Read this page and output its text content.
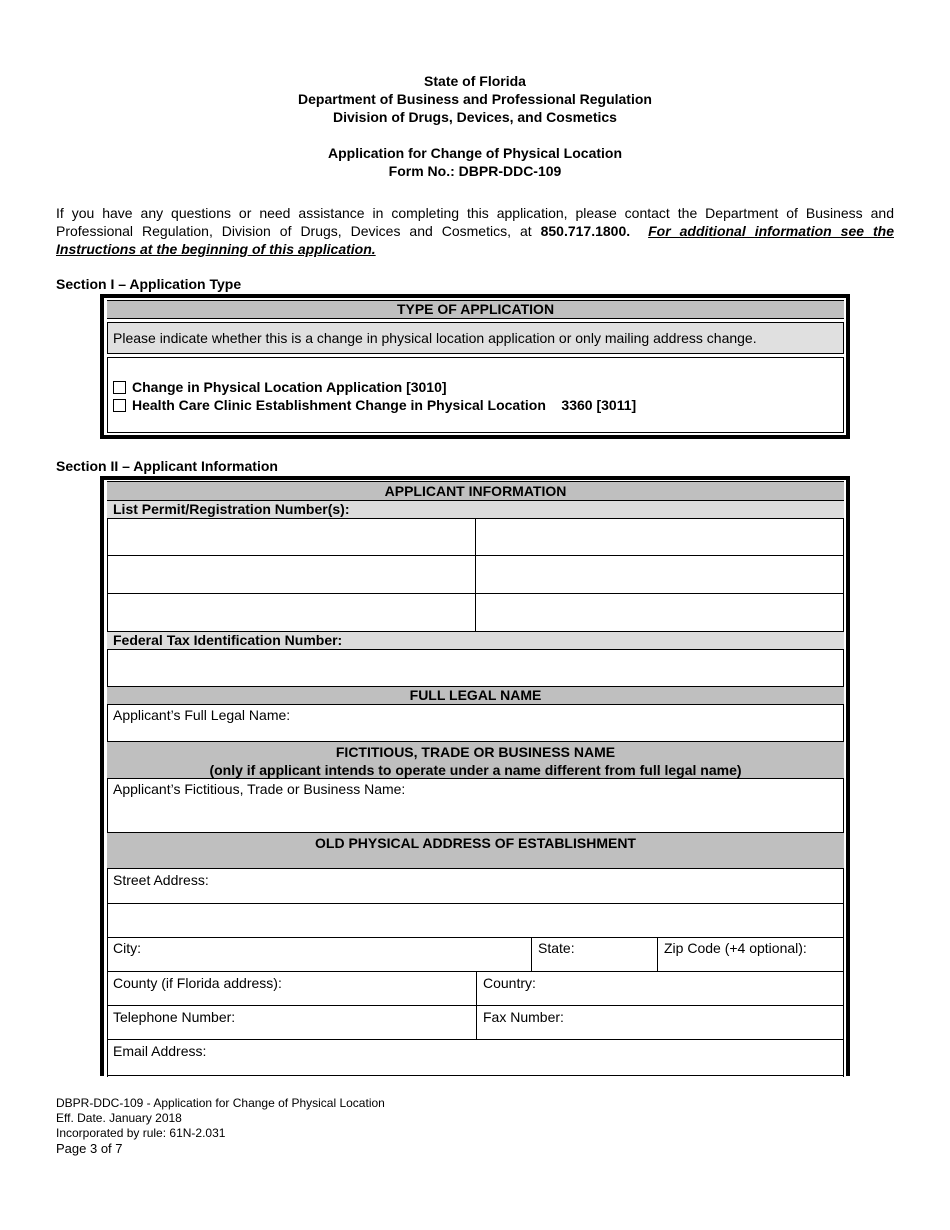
State of Florida
Department of Business and Professional Regulation
Division of Drugs, Devices, and Cosmetics
Application for Change of Physical Location
Form No.: DBPR-DDC-109
If you have any questions or need assistance in completing this application, please contact the Department of Business and Professional Regulation, Division of Drugs, Devices and Cosmetics, at 850.717.1800. For additional information see the Instructions at the beginning of this application.
Section I – Application Type
TYPE OF APPLICATION
Please indicate whether this is a change in physical location application or only mailing address change.
Change in Physical Location Application [3010]
Health Care Clinic Establishment Change in Physical Location    3360 [3011]
Section II – Applicant Information
APPLICANT INFORMATION
List Permit/Registration Number(s):
Federal Tax Identification Number:
FULL LEGAL NAME
Applicant’s Full Legal Name:
FICTITIOUS, TRADE OR BUSINESS NAME
(only if applicant intends to operate under a name different from full legal name)
Applicant’s Fictitious, Trade or Business Name:
OLD PHYSICAL ADDRESS OF ESTABLISHMENT
Street Address:
City:	State:	Zip Code (+4 optional):
County (if Florida address):	Country:
Telephone Number:	Fax Number:
Email Address:
DBPR-DDC-109 - Application for Change of Physical Location
Eff. Date. January 2018
Incorporated by rule: 61N-2.031
Page 3 of 7
